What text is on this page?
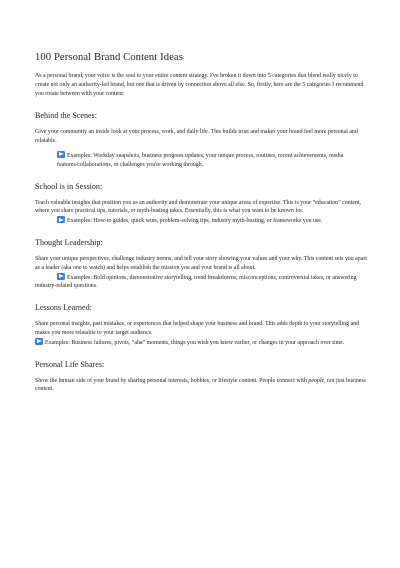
100 Personal Brand Content Ideas

As a personal brand, your voice is the soul to your entire content strategy. I've broken it down into 5 categories that blend really nicely to create not only an authority-led brand, but one that is driven by connection above all else. So, firstly, here are the 5 categories I recommend you rotate between with your content:

Behind the Scenes:

Give your community an inside look at your process, work, and daily life. This builds trust and makes your brand feel more personal and relatable.

Examples: Workday snapshots, business progress updates, your unique process, routines, recent achievements, media features/collaborations, or challenges you're working through.

School is in Session:

Teach valuable insights that position you as an authority and demonstrate your unique areas of expertise. This is your “education” content, where you share practical tips, tutorials, or myth-busting takes. Essentially, this is what you want to be known for.
Examples: How-to guides, quick wins, problem-solving tips, industry myth-busting, or frameworks you use.

Thought Leadership:

Share your unique perspectives, challenge industry norms, and tell your story showing your values and your why. This content sets you apart as a leader (aka one to watch) and helps establish the mission you and your brand is all about.
Examples: Bold opinions, demonstrative storytelling, trend breakdowns, misconceptions, controversial takes, or answering industry-related questions.

Lessons Learned:

Share personal insights, past mistakes, or experiences that helped shape your business and brand. This adds depth to your storytelling and makes you more relatable to your target audience.
Examples: Business failures, pivots, “aha” moments, things you wish you knew earlier, or changes in your approach over time.

Personal Life Shares:

Show the human side of your brand by sharing personal interests, hobbies, or lifestyle content. People connect with people, not just business content.
